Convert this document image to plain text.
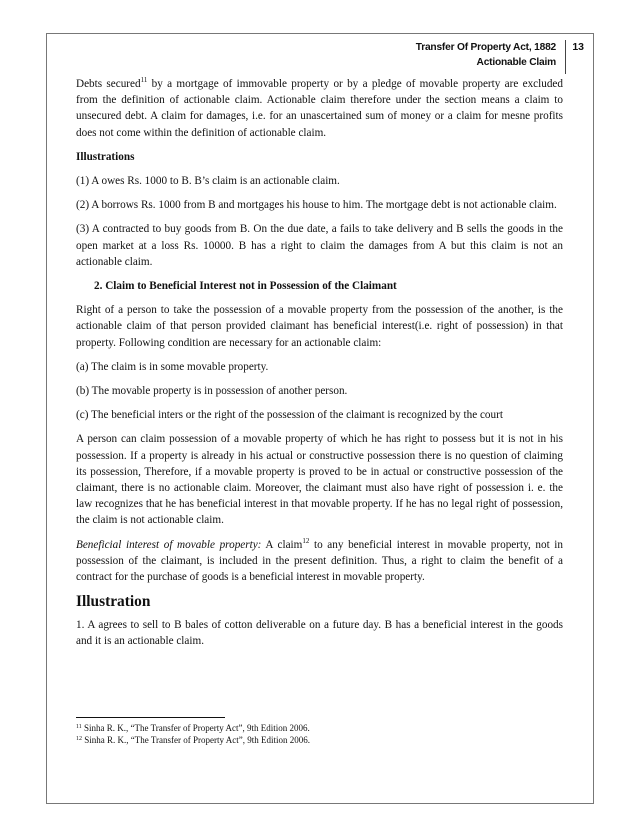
Transfer Of Property Act, 1882
Actionable Claim
13

Debts secured$^{11}$ by a mortgage of immovable property or by a pledge of movable property are excluded from the definition of actionable claim. Actionable claim therefore under the section means a claim to unsecured debt. A claim for damages, i.e. for an unascertained sum of money or a claim for mesne profits does not come within the definition of actionable claim.

Illustrations

(1) A owes Rs. 1000 to B. B’s claim is an actionable claim.

(2) A borrows Rs. 1000 from B and mortgages his house to him. The mortgage debt is not actionable claim.

(3) A contracted to buy goods from B. On the due date, a fails to take delivery and B sells the goods in the open market at a loss Rs. 10000. B has a right to claim the damages from A but this claim is not an actionable claim.

2. Claim to Beneficial Interest not in Possession of the Claimant

Right of a person to take the possession of a movable property from the possession of the another, is the actionable claim of that person provided claimant has beneficial interest(i.e. right of possession) in that property. Following condition are necessary for an actionable claim:

(a) The claim is in some movable property.

(b) The movable property is in possession of another person.

(c) The beneficial inters or the right of the possession of the claimant is recognized by the court

A person can claim possession of a movable property of which he has right to possess but it is not in his possession. If a property is already in his actual or constructive possession there is no question of claiming its possession, Therefore, if a movable property is proved to be in actual or constructive possession of the claimant, there is no actionable claim. Moreover, the claimant must also have right of possession i. e. the law recognizes that he has beneficial interest in that movable property. If he has no legal right of possession, the claim is not actionable claim.

Beneficial interest of movable property: A claim$^{12}$ to any beneficial interest in movable property, not in possession of the claimant, is included in the present definition. Thus, a right to claim the benefit of a contract for the purchase of goods is a beneficial interest in movable property.

Illustration

1. A agrees to sell to B bales of cotton deliverable on a future day. B has a beneficial interest in the goods and it is an actionable claim.

$^{11}$ Sinha R. K., “The Transfer of Property Act”, 9th Edition 2006.
$^{12}$ Sinha R. K., “The Transfer of Property Act”, 9th Edition 2006.
